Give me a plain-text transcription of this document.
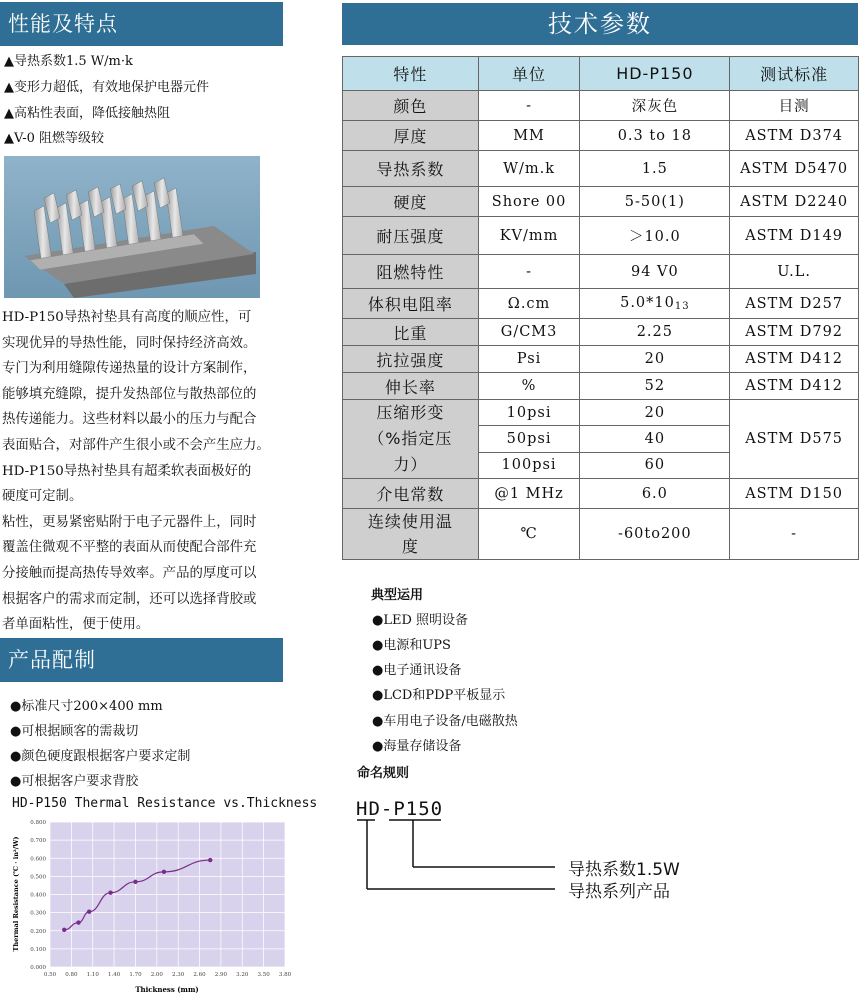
性能及特点
▲导热系数1.5 W/m·k
▲变形力超低，有效地保护电器元件
▲高粘性表面，降低接触热阻
▲V-0 阻燃等级较
HD-P150导热衬垫具有高度的顺应性，可
实现优异的导热性能，同时保持经济高效。
专门为利用缝隙传递热量的设计方案制作，
能够填充缝隙，提升发热部位与散热部位的
热传递能力。这些材料以最小的压力与配合
表面贴合，对部件产生很小或不会产生应力。
HD-P150导热衬垫具有超柔软表面极好的
硬度可定制。
粘性，更易紧密贴附于电子元器件上，同时
覆盖住微观不平整的表面从而使配合部件充
分接触而提高热传导效率。产品的厚度可以
根据客户的需求而定制，还可以选择背胶或
者单面粘性，便于使用。
产品配制
●标准尺寸200×400 mm
●可根据顾客的需裁切
●颜色硬度跟根据客户要求定制
●可根据客户要求背胶
HD-P150 Thermal Resistance vs.Thickness
0.000
0.100
0.200
0.300
0.400
0.500
0.600
0.700
0.800
0.50 0.80 1.10 1.40 1.70 2.00 2.30 2.60 2.90 3.20 3.50 3.80
Thickness (mm)
Thermal Resistance (℃ · in²/W)
技术参数
特性	单位	HD-P150	测试标准
颜色	-	深灰色	目测
厚度	MM	0.3 to 18	ASTM D374
导热系数	W/m.k	1.5	ASTM D5470
硬度	Shore 00	5-50(1)	ASTM D2240
耐压强度	KV/mm	＞10.0	ASTM D149
阻燃特性	-	94 V0	U.L.
体积电阻率	Ω.cm	5.0*1013	ASTM D257
比重	G/CM3	2.25	ASTM D792
抗拉强度	Psi	20	ASTM D412
伸长率	%	52	ASTM D412

压缩形变
（%指定压
力）	10psi	20	ASTM D575
	50psi	40	
	100psi	60	
介电常数	@1 MHz	6.0	ASTM D150

连续使用温
度	℃	-60to200	-
典型运用
●LED 照明设备
●电源和UPS
●电子通讯设备
●LCD和PDP平板显示
●车用电子设备/电磁散热
●海量存储设备
命名规则
HD-P150
导热系数1.5W
导热系列产品
